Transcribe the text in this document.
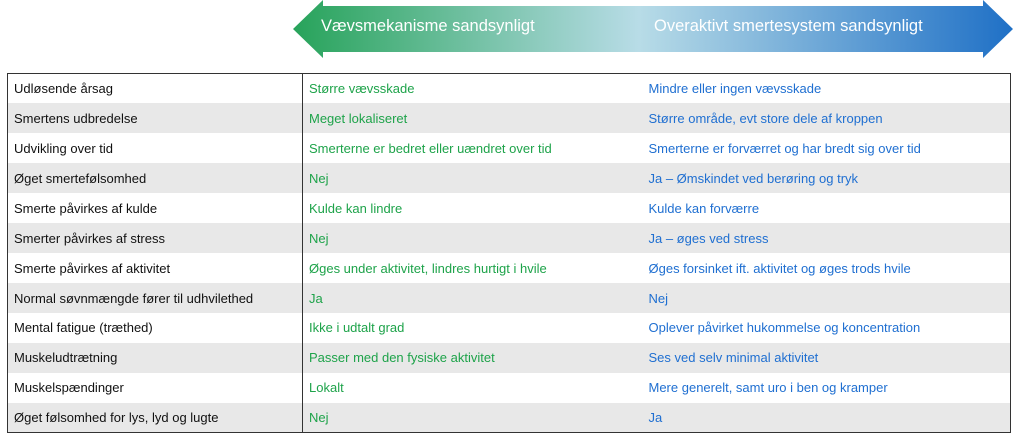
Vævsmekanisme sandsynligt	Overaktivt smertesystem sandsynligt
Udløsende årsag	Større vævsskade	Mindre eller ingen vævsskade
Smertens udbredelse	Meget lokaliseret	Større område, evt store dele af kroppen
Udvikling over tid	Smerterne er bedret eller uændret over tid	Smerterne er forværret og har bredt sig over tid
Øget smertefølsomhed	Nej	Ja – Ømskindet ved berøring og tryk
Smerte påvirkes af kulde	Kulde kan lindre	Kulde kan forværre
Smerter påvirkes af stress	Nej	Ja – øges ved stress
Smerte påvirkes af aktivitet	Øges under aktivitet, lindres hurtigt i hvile	Øges forsinket ift. aktivitet og øges trods hvile
Normal søvnmængde fører til udhvilethed	Ja	Nej
Mental fatigue (træthed)	Ikke i udtalt grad	Oplever påvirket hukommelse og koncentration
Muskeludtrætning	Passer med den fysiske aktivitet	Ses ved selv minimal aktivitet
Muskelspændinger	Lokalt	Mere generelt, samt uro i ben og kramper
Øget følsomhed for lys, lyd og lugte	Nej	Ja
